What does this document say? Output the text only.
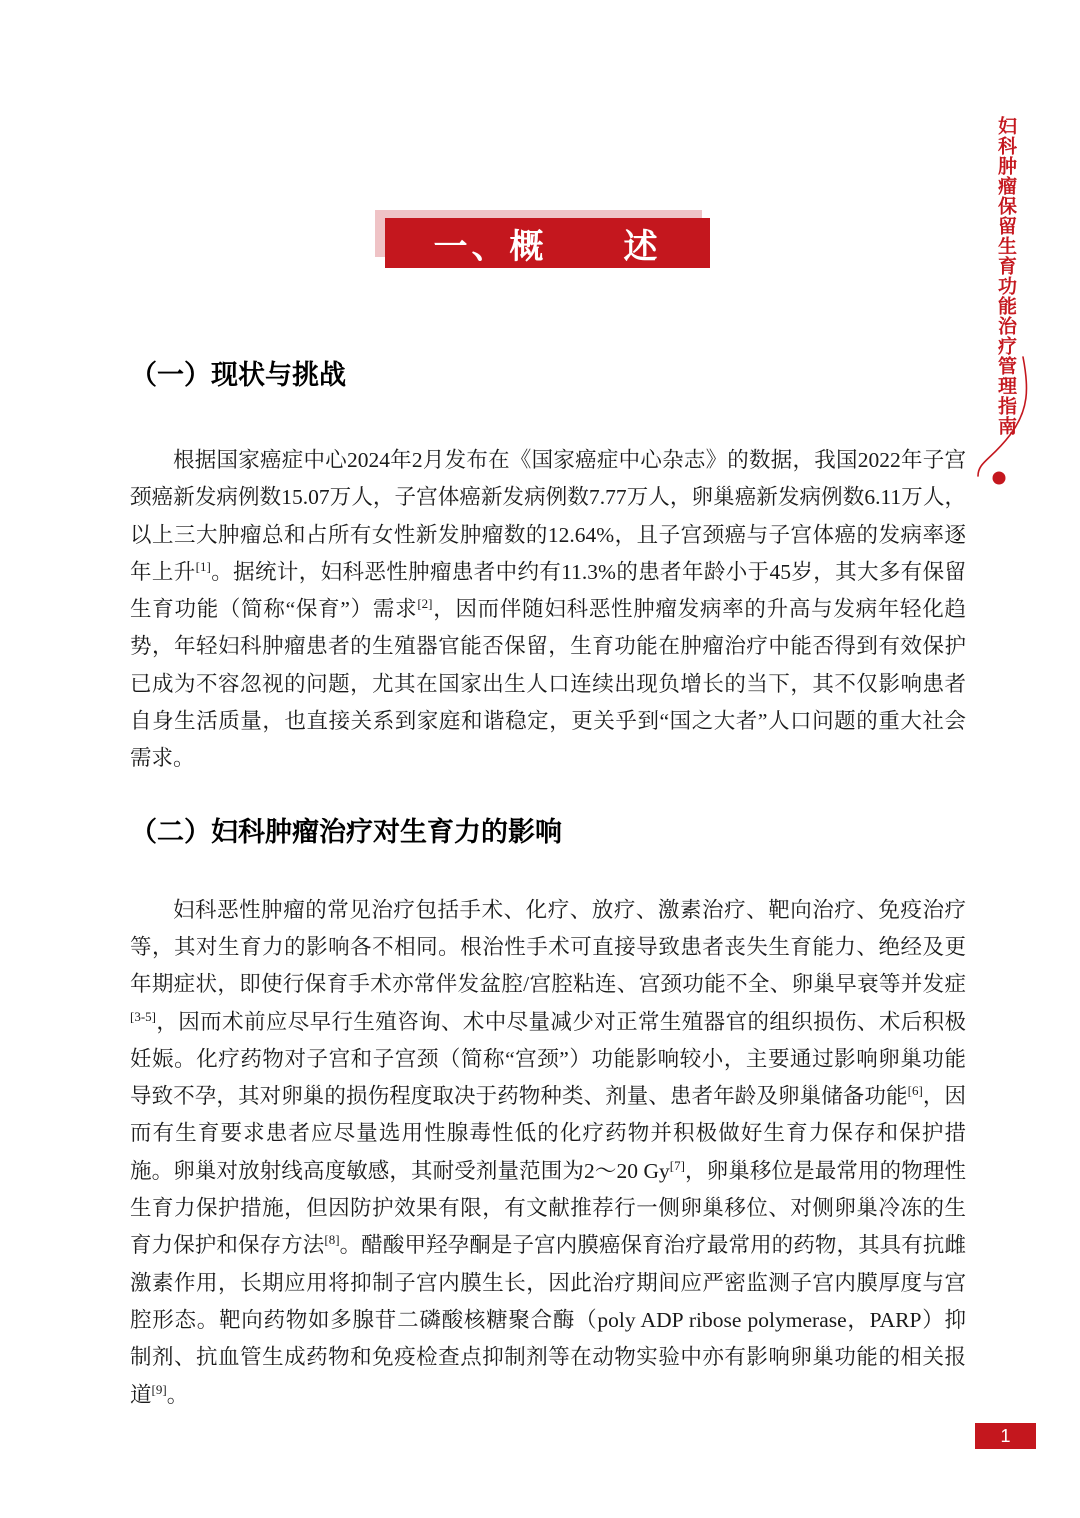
一、概　　述	妇科肿瘤保留生育功能治疗管理指南
（一）现状与挑战

根据国家癌症中心2024年2月发布在《国家癌症中心杂志》的数据，我国2022年子宫颈癌新发病例数15.07万人，子宫体癌新发病例数7.77万人，卵巢癌新发病例数6.11万人，以上三大肿瘤总和占所有女性新发肿瘤数的12.64%，且子宫颈癌与子宫体癌的发病率逐年上升[1]。据统计，妇科恶性肿瘤患者中约有11.3%的患者年龄小于45岁，其大多有保留生育功能（简称“保育”）需求[2]，因而伴随妇科恶性肿瘤发病率的升高与发病年轻化趋势，年轻妇科肿瘤患者的生殖器官能否保留，生育功能在肿瘤治疗中能否得到有效保护已成为不容忽视的问题，尤其在国家出生人口连续出现负增长的当下，其不仅影响患者自身生活质量，也直接关系到家庭和谐稳定，更关乎到“国之大者”人口问题的重大社会需求。

（二）妇科肿瘤治疗对生育力的影响

妇科恶性肿瘤的常见治疗包括手术、化疗、放疗、激素治疗、靶向治疗、免疫治疗等，其对生育力的影响各不相同。根治性手术可直接导致患者丧失生育能力、绝经及更年期症状，即使行保育手术亦常伴发盆腔/宫腔粘连、宫颈功能不全、卵巢早衰等并发症[3-5]，因而术前应尽早行生殖咨询、术中尽量减少对正常生殖器官的组织损伤、术后积极妊娠。化疗药物对子宫和子宫颈（简称“宫颈”）功能影响较小，主要通过影响卵巢功能导致不孕，其对卵巢的损伤程度取决于药物种类、剂量、患者年龄及卵巢储备功能[6]，因而有生育要求患者应尽量选用性腺毒性低的化疗药物并积极做好生育力保存和保护措施。卵巢对放射线高度敏感，其耐受剂量范围为2～20 Gy[7]，卵巢移位是最常用的物理性生育力保护措施，但因防护效果有限，有文献推荐行一侧卵巢移位、对侧卵巢冷冻的生育力保护和保存方法[8]。醋酸甲羟孕酮是子宫内膜癌保育治疗最常用的药物，其具有抗雌激素作用，长期应用将抑制子宫内膜生长，因此治疗期间应严密监测子宫内膜厚度与宫腔形态。靶向药物如多腺苷二磷酸核糖聚合酶（poly ADP ribose polymerase，PARP）抑制剂、抗血管生成药物和免疫检查点抑制剂等在动物实验中亦有影响卵巢功能的相关报道[9]。

1
